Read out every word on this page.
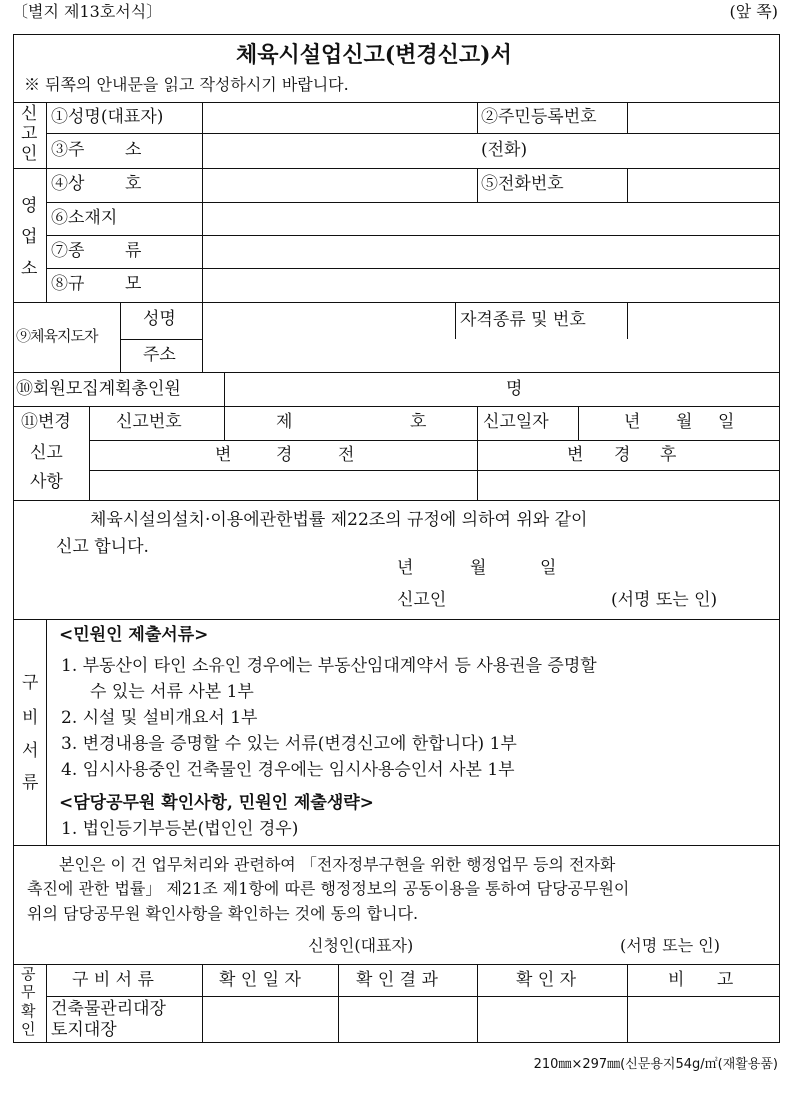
〔별지 제13호서식〕	(앞 쪽)
체육시설업신고(변경신고)서
※ 뒤쪽의 안내문을 읽고 작성하시기 바랍니다.
신
고
인
①성명(대표자)	②주민등록번호
③주 소	(전화)
영
업
소
④상 호	⑤전화번호
⑥소재지
⑦종 류
⑧규 모
⑨체육지도자
성명	자격종류 및 번호
주소
⑩회원모집계획총인원	명
⑪변경
신고
사항
신고번호	제	호	신고일자	년 월 일
변	경	전	변 경 후
체육시설의설치·이용에관한법률 제22조의 규정에 의하여 위와 같이
신고 합니다.
년	월	일
신고인	(서명 또는 인)
구
비
서
류
<민원인 제출서류>
1. 부동산이 타인 소유인 경우에는 부동산임대계약서 등 사용권을 증명할
수 있는 서류 사본 1부
2. 시설 및 설비개요서 1부
3. 변경내용을 증명할 수 있는 서류(변경신고에 한합니다) 1부
4. 임시사용중인 건축물인 경우에는 임시사용승인서 사본 1부
<담당공무원 확인사항, 민원인 제출생략>
1. 법인등기부등본(법인인 경우)
본인은 이 건 업무처리와 관련하여 「전자정부구현을 위한 행정업무 등의 전자화
촉진에 관한 법률」 제21조 제1항에 따른 행정정보의 공동이용을 통하여 담당공무원이
위의 담당공무원 확인사항을 확인하는 것에 동의 합니다.
신청인(대표자)	(서명 또는 인)
공
무
확
인
구 비 서 류	확 인 일 자	확 인 결 과	확 인 자	비      고
건축물관리대장
토지대장
210㎜×297㎜(신문용지54g/㎡(재활용품)
